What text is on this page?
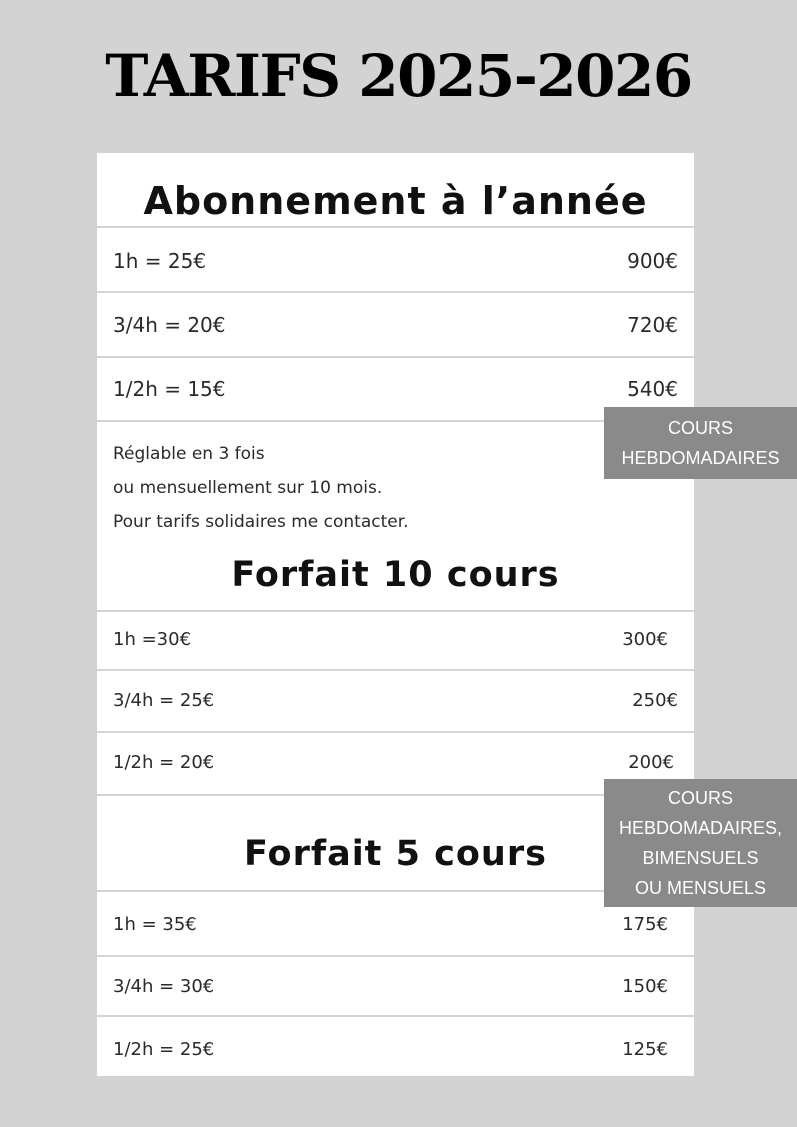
TARIFS 2025-2026
Abonnement à l’année
1h = 25€	900€
3/4h = 20€	720€
1/2h = 15€	540€
Réglable en 3 fois
ou mensuellement sur 10 mois.
Pour tarifs solidaires me contacter.
Forfait 10 cours
1h =30€	300€
3/4h = 25€	250€
1/2h = 20€	200€
Forfait 5 cours
1h = 35€	175€
3/4h = 30€	150€
1/2h = 25€	125€
COURS
HEBDOMADAIRES
COURS
HEBDOMADAIRES,
BIMENSUELS
OU MENSUELS
